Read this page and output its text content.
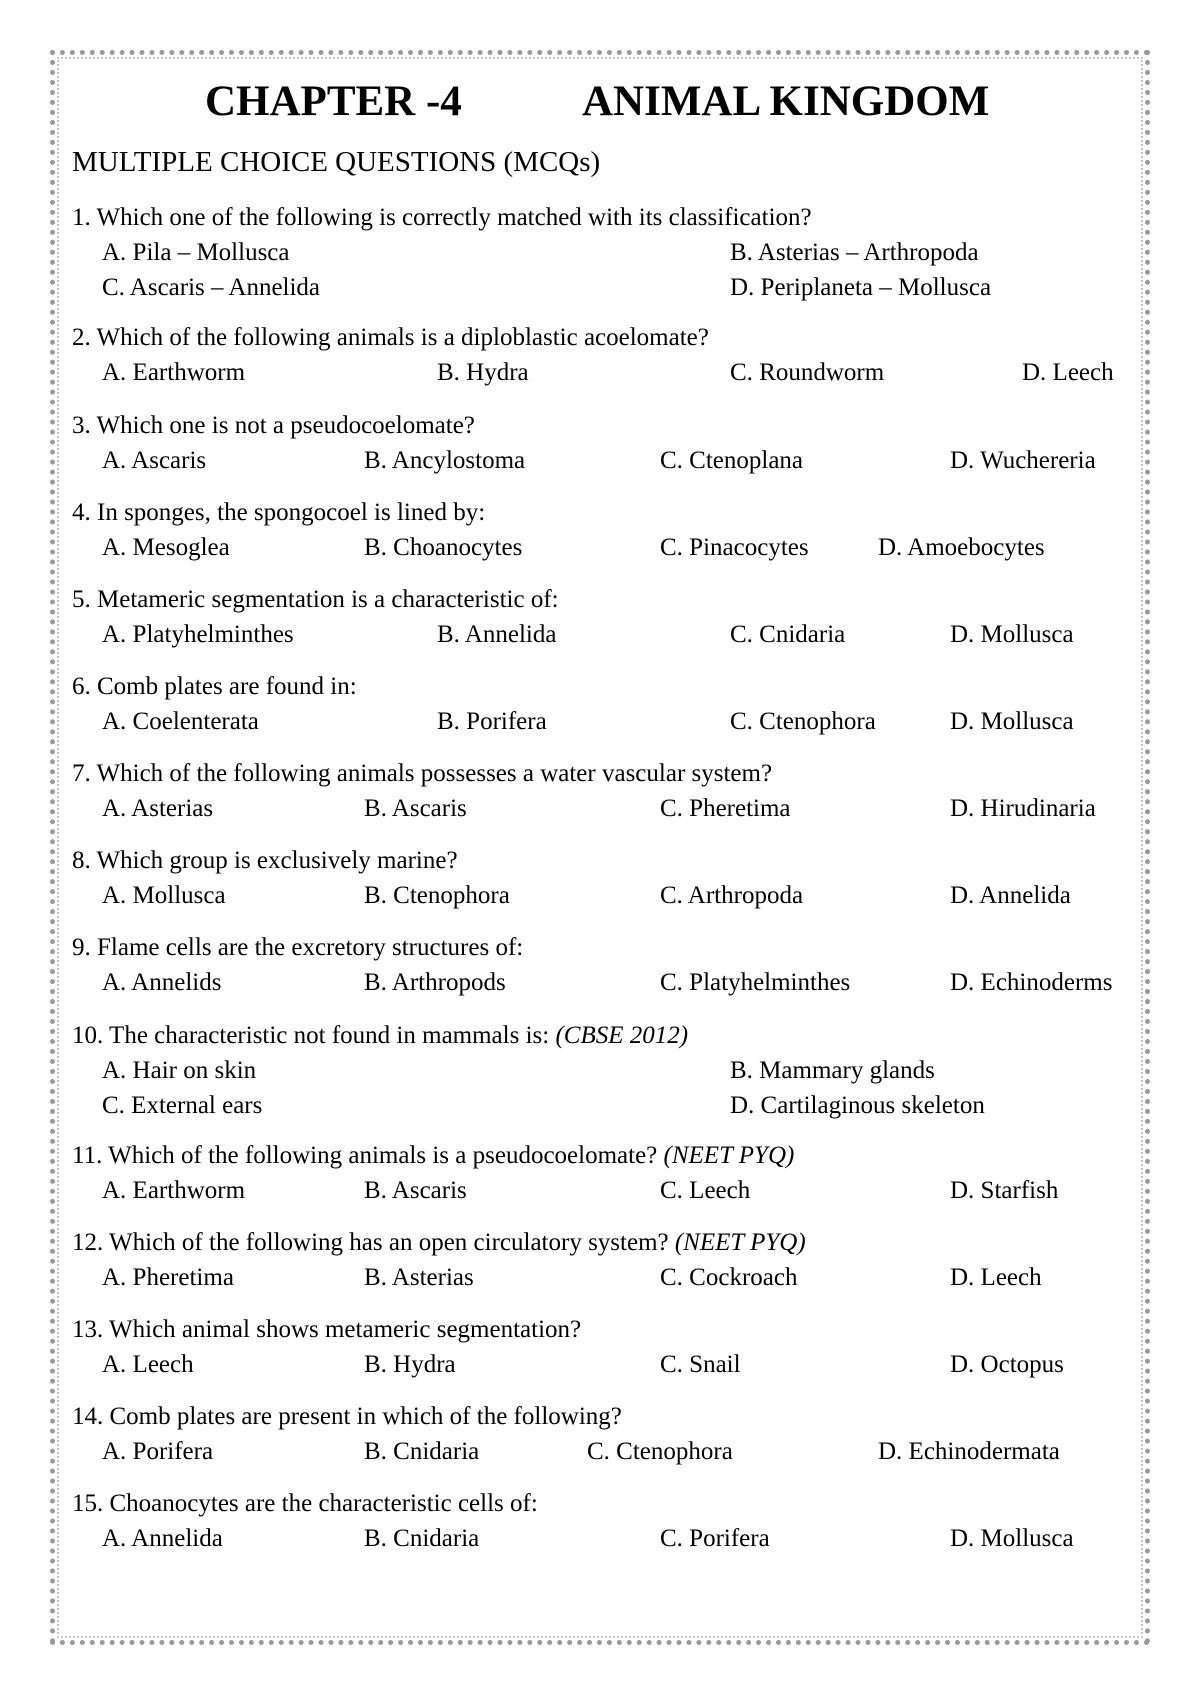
CHAPTER -4	ANIMAL KINGDOM
MULTIPLE CHOICE QUESTIONS (MCQs)
1. Which one of the following is correctly matched with its classification?
A. Pila – Mollusca	B. Asterias – Arthropoda
C. Ascaris – Annelida	D. Periplaneta – Mollusca
2. Which of the following animals is a diploblastic acoelomate?
A. Earthworm	B. Hydra	C. Roundworm	D. Leech
3. Which one is not a pseudocoelomate?
A. Ascaris	B. Ancylostoma	C. Ctenoplana	D. Wuchereria
4. In sponges, the spongocoel is lined by:
A. Mesoglea	B. Choanocytes	C. Pinacocytes	D. Amoebocytes
5. Metameric segmentation is a characteristic of:
A. Platyhelminthes	B. Annelida	C. Cnidaria	D. Mollusca
6. Comb plates are found in:
A. Coelenterata	B. Porifera	C. Ctenophora	D. Mollusca
7. Which of the following animals possesses a water vascular system?
A. Asterias	B. Ascaris	C. Pheretima	D. Hirudinaria
8. Which group is exclusively marine?
A. Mollusca	B. Ctenophora	C. Arthropoda	D. Annelida
9. Flame cells are the excretory structures of:
A. Annelids	B. Arthropods	C. Platyhelminthes	D. Echinoderms
10. The characteristic not found in mammals is: (CBSE 2012)
A. Hair on skin	B. Mammary glands
C. External ears	D. Cartilaginous skeleton
11. Which of the following animals is a pseudocoelomate? (NEET PYQ)
A. Earthworm	B. Ascaris	C. Leech	D. Starfish
12. Which of the following has an open circulatory system? (NEET PYQ)
A. Pheretima	B. Asterias	C. Cockroach	D. Leech
13. Which animal shows metameric segmentation?
A. Leech	B. Hydra	C. Snail	D. Octopus
14. Comb plates are present in which of the following?
A. Porifera	B. Cnidaria	C. Ctenophora	D. Echinodermata
15. Choanocytes are the characteristic cells of:
A. Annelida	B. Cnidaria	C. Porifera	D. Mollusca
